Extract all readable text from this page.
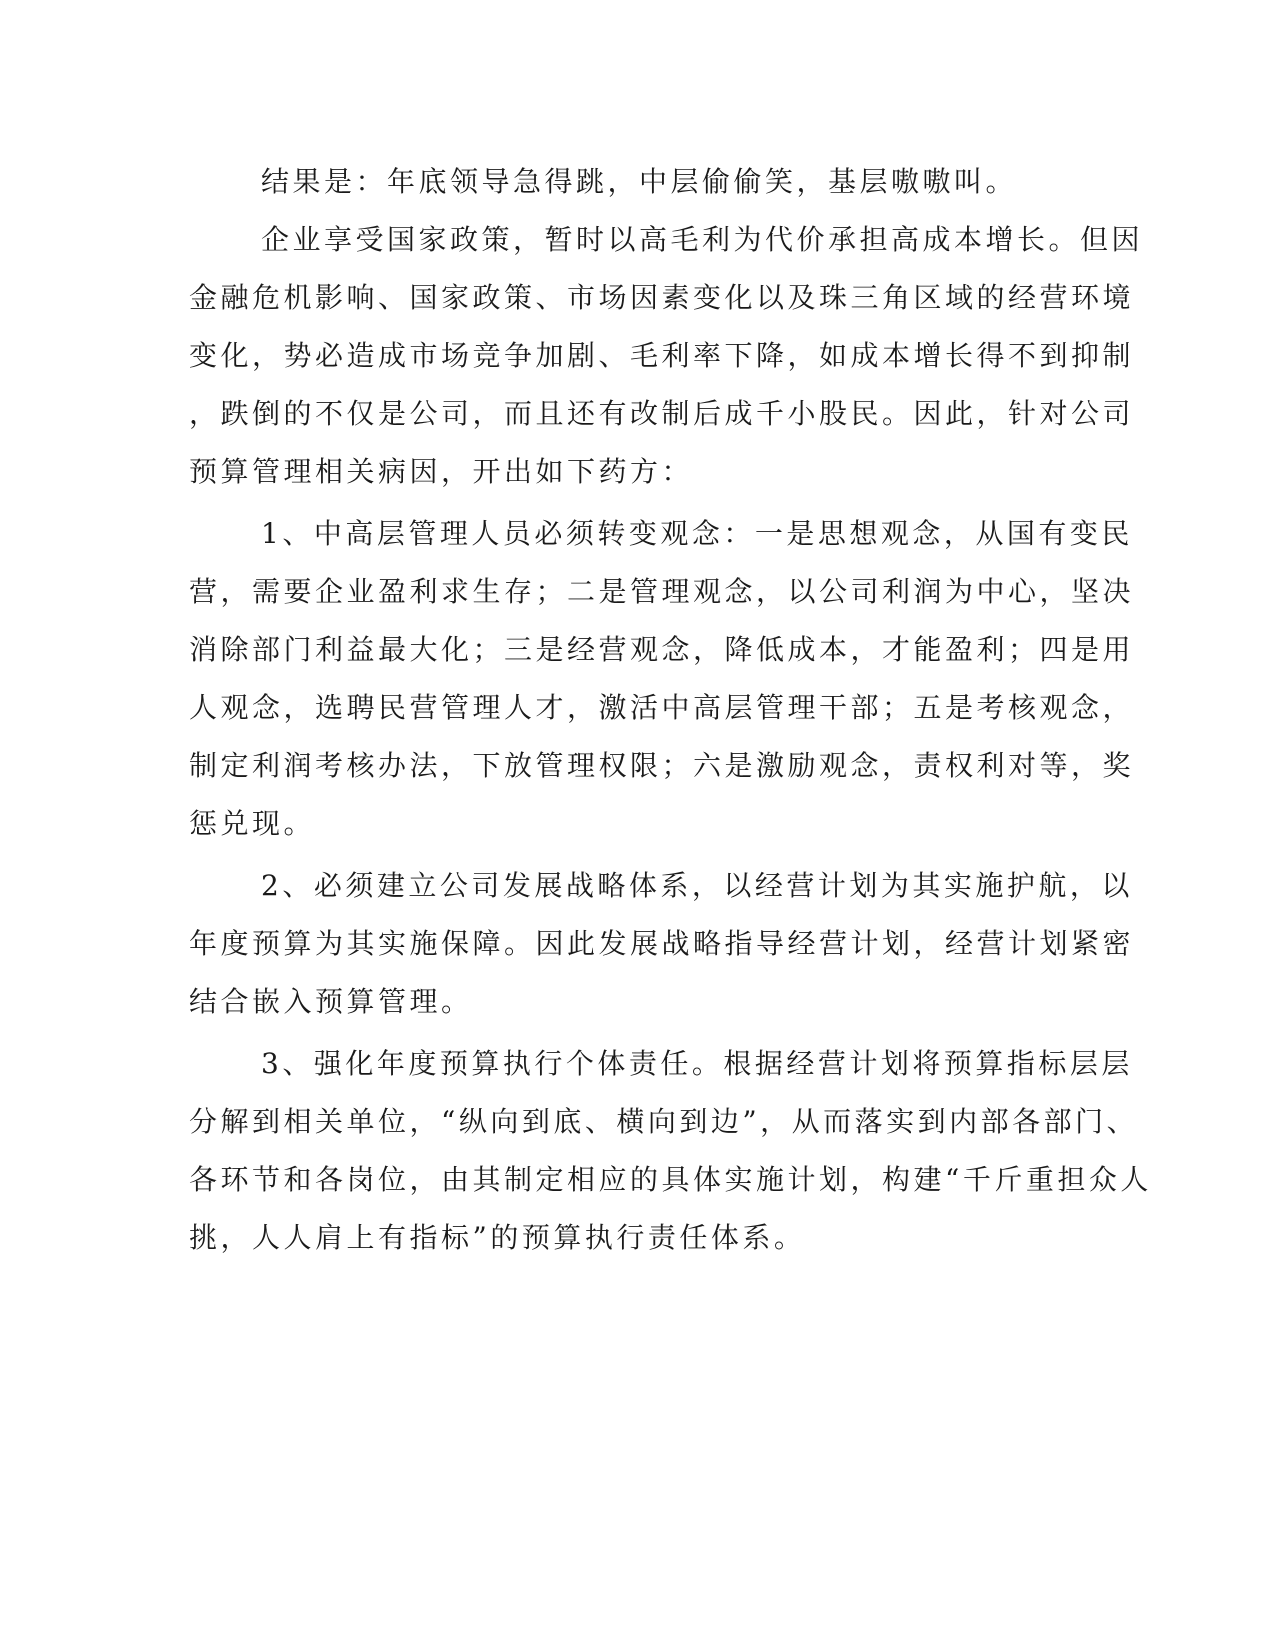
结果是：年底领导急得跳，中层偷偷笑，基层嗷嗷叫。
企业享受国家政策，暂时以高毛利为代价承担高成本增长。但因
金融危机影响、国家政策、市场因素变化以及珠三角区域的经营环境
变化，势必造成市场竞争加剧、毛利率下降，如成本增长得不到抑制
，跌倒的不仅是公司，而且还有改制后成千小股民。因此，针对公司
预算管理相关病因，开出如下药方：
1、中高层管理人员必须转变观念：一是思想观念，从国有变民
营，需要企业盈利求生存；二是管理观念，以公司利润为中心，坚决
消除部门利益最大化；三是经营观念，降低成本，才能盈利；四是用
人观念，选聘民营管理人才，激活中高层管理干部；五是考核观念，
制定利润考核办法，下放管理权限；六是激励观念，责权利对等，奖
惩兑现。
2、必须建立公司发展战略体系，以经营计划为其实施护航，以
年度预算为其实施保障。因此发展战略指导经营计划，经营计划紧密
结合嵌入预算管理。
3、强化年度预算执行个体责任。根据经营计划将预算指标层层
分解到相关单位，“纵向到底、横向到边”，从而落实到内部各部门、
各环节和各岗位，由其制定相应的具体实施计划，构建“千斤重担众人
挑，人人肩上有指标”的预算执行责任体系。
